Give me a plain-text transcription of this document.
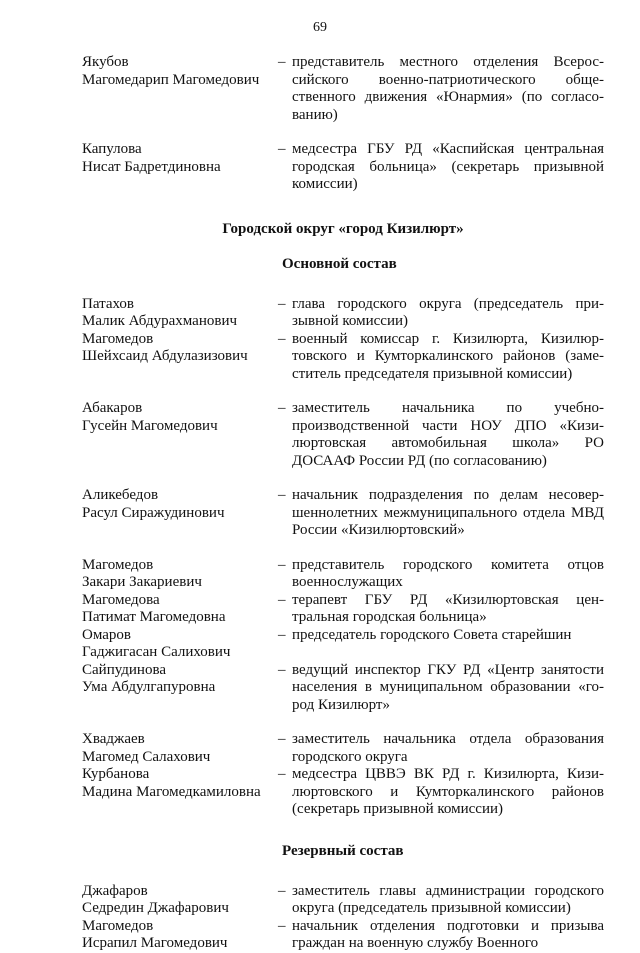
69
Якубов
Магомедарип Магомедович
– представитель местного отделения Всерос-сийского военно-патриотического обще-ственного движения «Юнармия» (по согласо-ванию)
Капулова
Нисат Бадретдиновна
– медсестра ГБУ РД «Каспийская центральная городская больница» (секретарь призывной комиссии)
Городской округ «город Кизилюрт»
Основной состав
Патахов
Малик Абдурахманович
– глава городского округа (председатель при-зывной комиссии)
Магомедов
Шейхсаид Абдулазизович
– военный комиссар г. Кизилюрта, Кизилюр-товского и Кумторкалинского районов (заме-ститель председателя призывной комиссии)
Абакаров
Гусейн Магомедович
– заместитель начальника по учебно-производственной части НОУ ДПО «Кизи-люртовская автомобильная школа» РО ДОСААФ России РД (по согласованию)
Аликебедов
Расул Сиражудинович
– начальник подразделения по делам несовер-шеннолетних межмуниципального отдела МВД России «Кизилюртовский»
Магомедов
Закари Закариевич
– представитель городского комитета отцов военнослужащих
Магомедова
Патимат Магомедовна
– терапевт ГБУ РД «Кизилюртовская цен-тральная городская больница»
Омаров
Гаджигасан Салихович
– председатель городского Совета старейшин
Сайпудинова
Ума Абдулгапуровна
– ведущий инспектор ГКУ РД «Центр занятости населения в муниципальном образовании «го-род Кизилюрт»
Хваджаев
Магомед Салахович
– заместитель начальника отдела образования городского округа
Курбанова
Мадина Магомедкамиловна
– медсестра ЦВВЭ ВК РД г. Кизилюрта, Кизи-люртовского и Кумторкалинского районов (секретарь призывной комиссии)
Резервный состав
Джафаров
Седредин Джафарович
– заместитель главы администрации городского округа (председатель призывной комиссии)
Магомедов
Исрапил Магомедович
– начальник отделения подготовки и призыва граждан на военную службу Военного
